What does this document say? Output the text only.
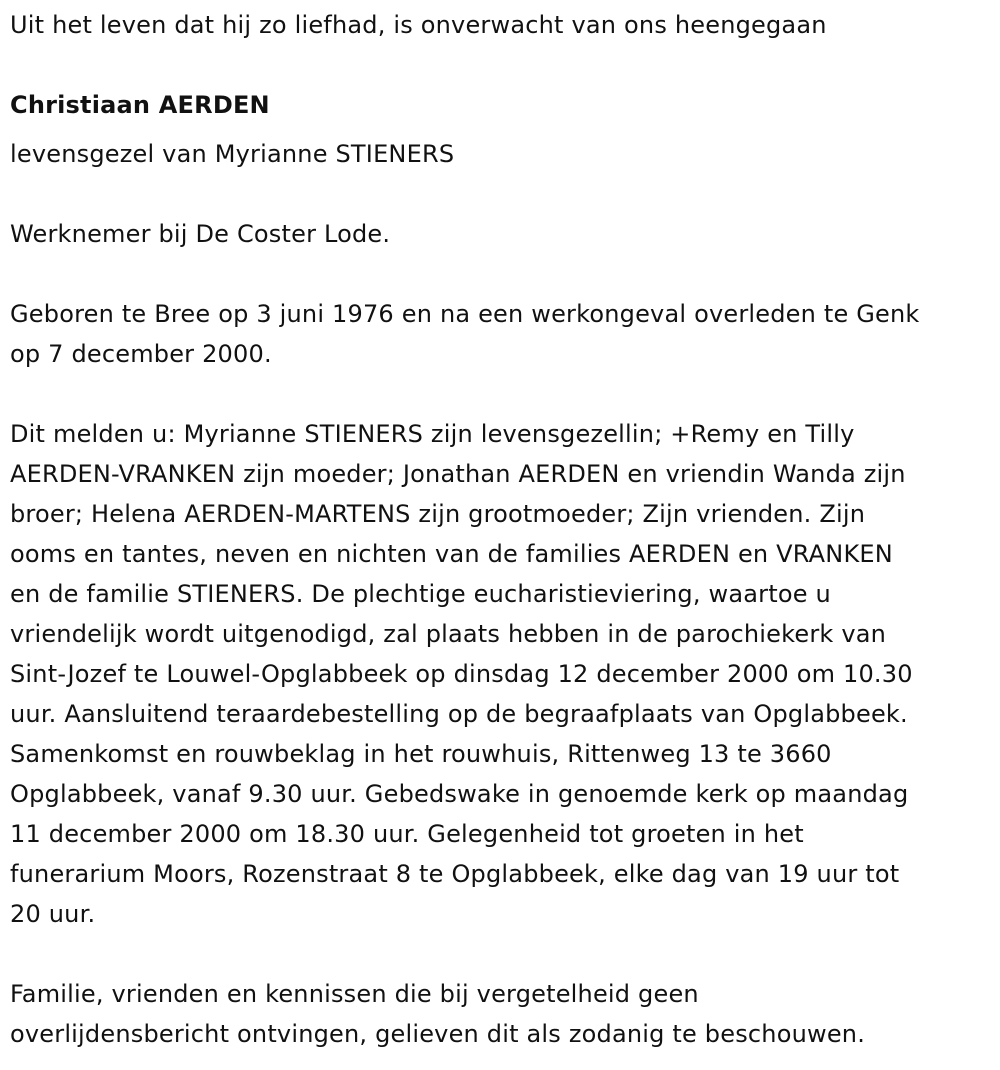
Uit het leven dat hij zo liefhad, is onverwacht van ons heengegaan
Christiaan AERDEN
levensgezel van Myrianne STIENERS
Werknemer bij De Coster Lode.
Geboren te Bree op 3 juni 1976 en na een werkongeval overleden te Genk
op 7 december 2000.
Dit melden u: Myrianne STIENERS zijn levensgezellin; +Remy en Tilly
AERDEN-VRANKEN zijn moeder; Jonathan AERDEN en vriendin Wanda zijn
broer; Helena AERDEN-MARTENS zijn grootmoeder; Zijn vrienden. Zijn
ooms en tantes, neven en nichten van de families AERDEN en VRANKEN
en de familie STIENERS. De plechtige eucharistieviering, waartoe u
vriendelijk wordt uitgenodigd, zal plaats hebben in de parochiekerk van
Sint-Jozef te Louwel-Opglabbeek op dinsdag 12 december 2000 om 10.30
uur. Aansluitend teraardebestelling op de begraafplaats van Opglabbeek.
Samenkomst en rouwbeklag in het rouwhuis, Rittenweg 13 te 3660
Opglabbeek, vanaf 9.30 uur. Gebedswake in genoemde kerk op maandag
11 december 2000 om 18.30 uur. Gelegenheid tot groeten in het
funerarium Moors, Rozenstraat 8 te Opglabbeek, elke dag van 19 uur tot
20 uur.
Familie, vrienden en kennissen die bij vergetelheid geen
overlijdensbericht ontvingen, gelieven dit als zodanig te beschouwen.
